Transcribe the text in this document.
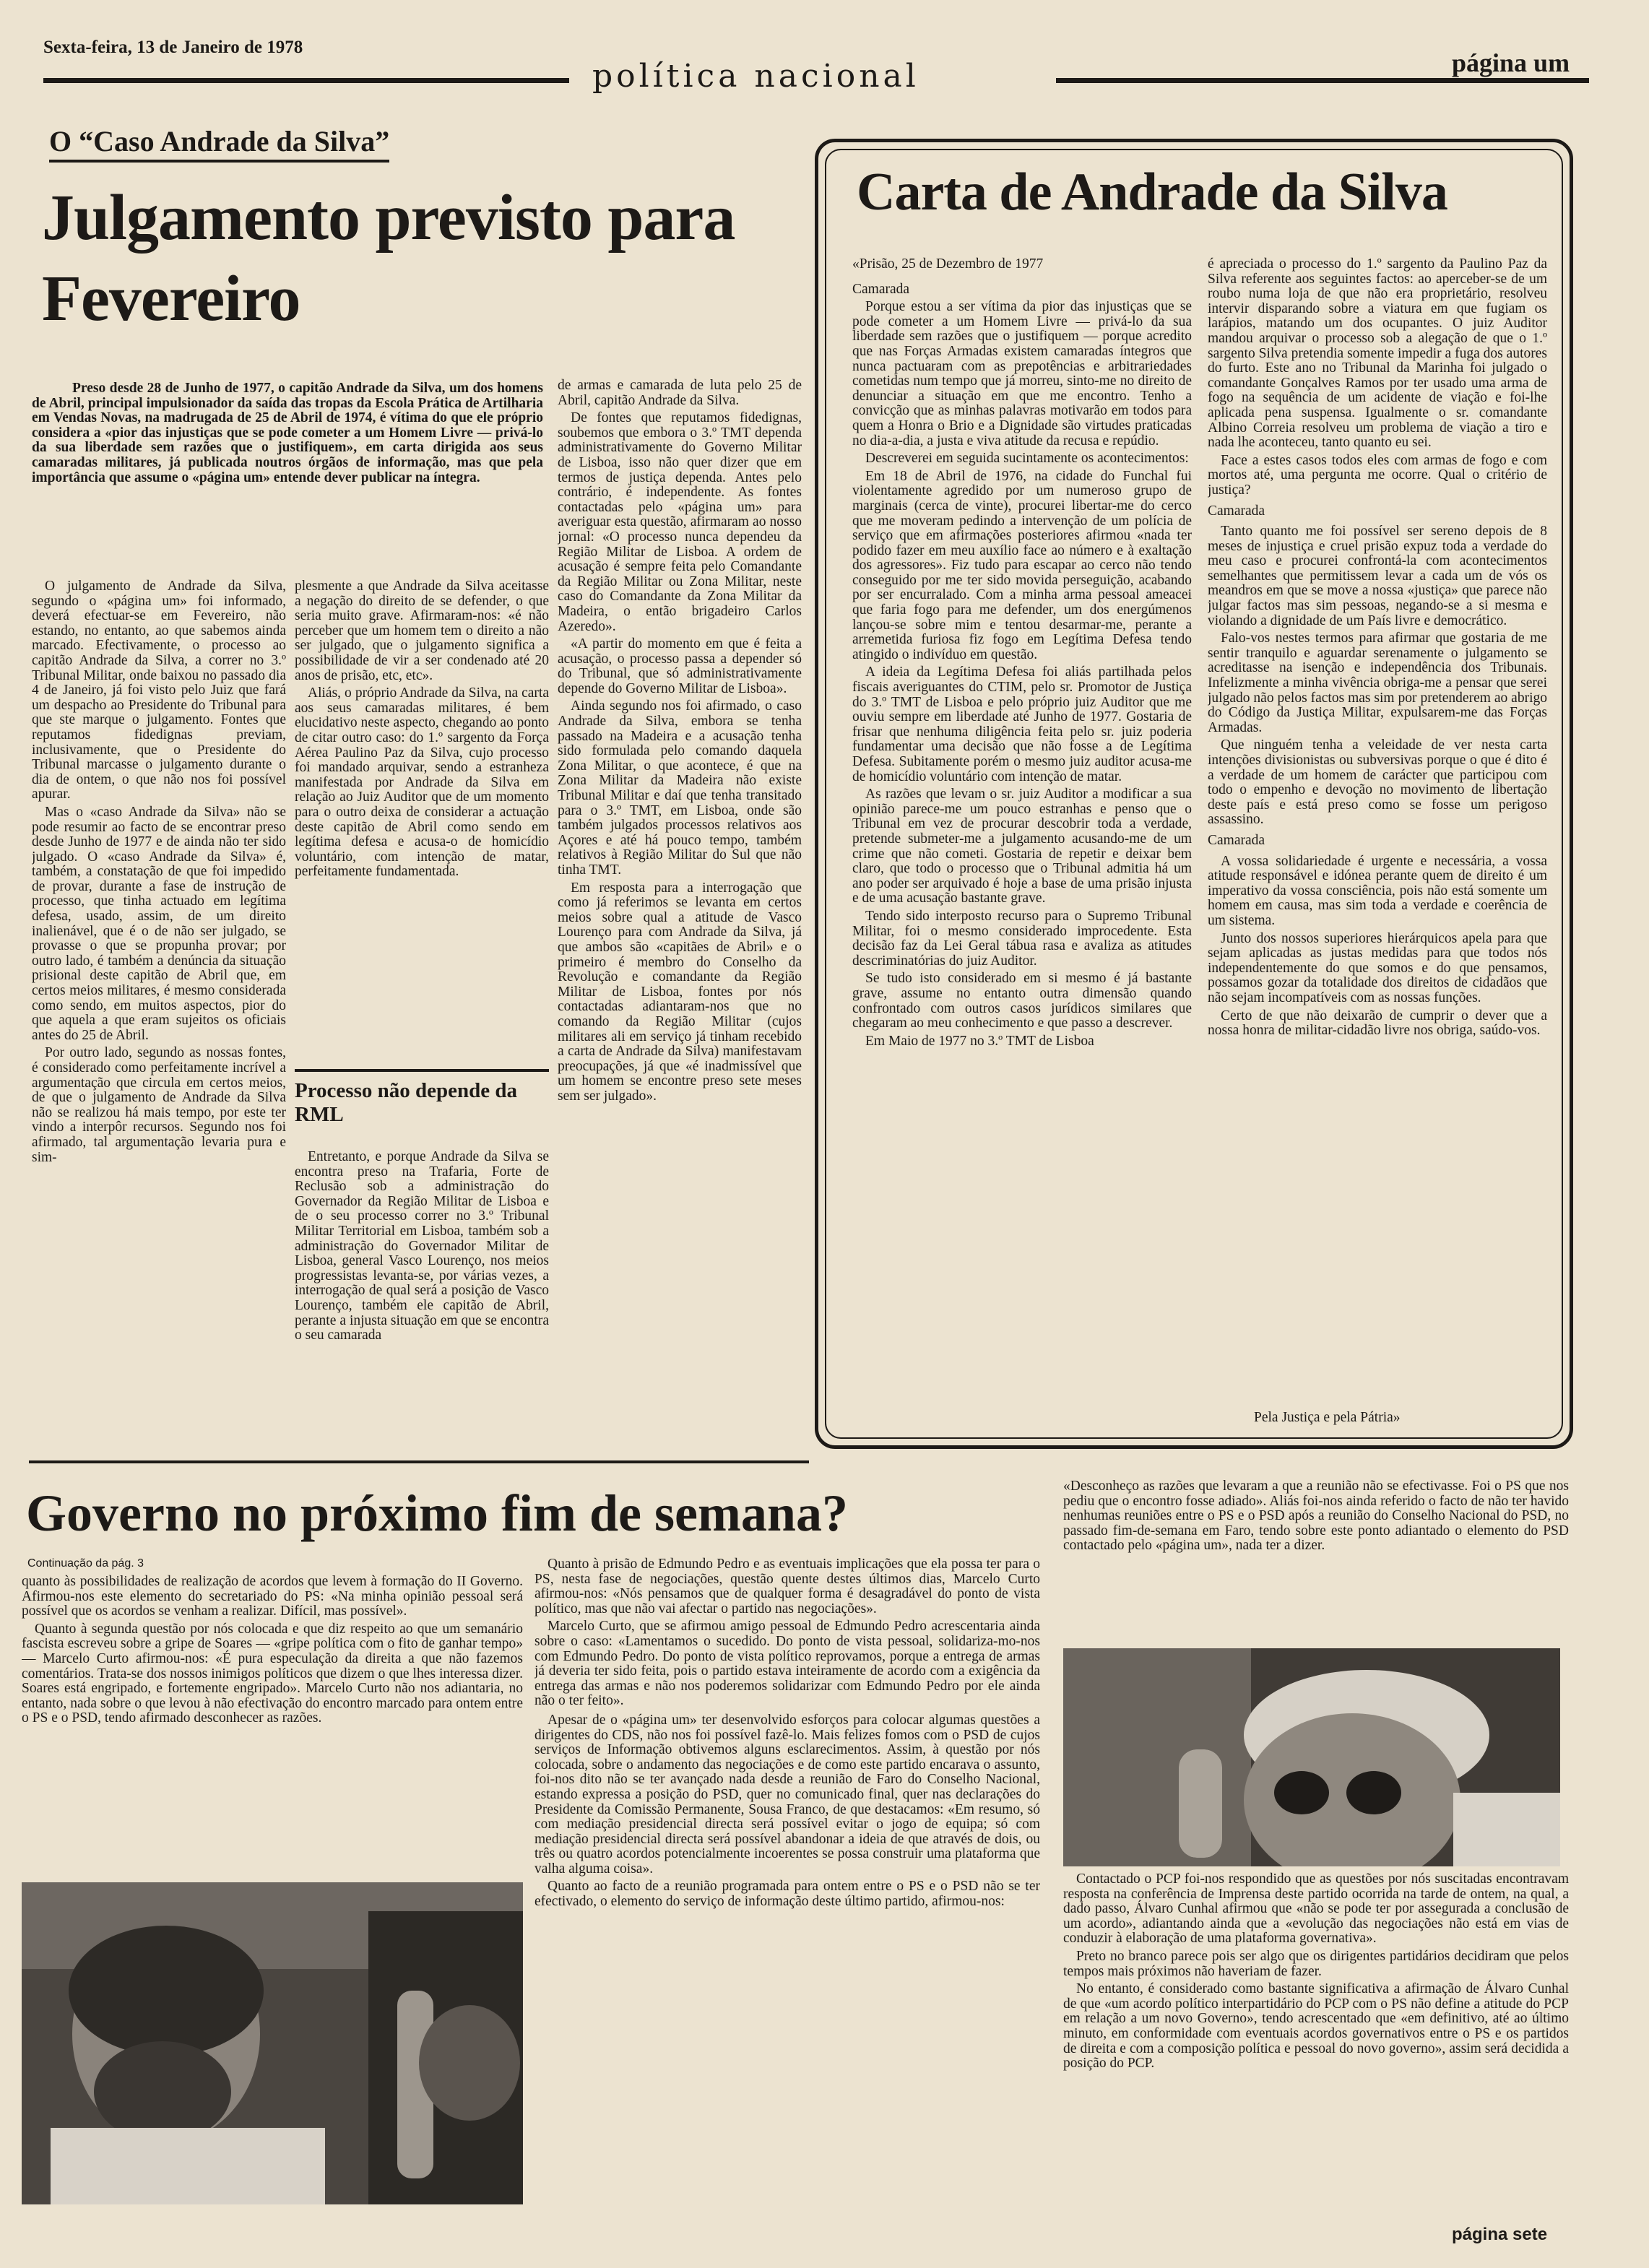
Sexta-feira, 13 de Janeiro de 1978
política nacional	página um
O “Caso Andrade da Silva”
Julgamento previsto para Fevereiro

Preso desde 28 de Junho de 1977, o capitão Andrade da Silva, um dos homens de Abril, principal impulsionador da saída das tropas da Escola Prática de Artilharia em Vendas Novas, na madrugada de 25 de Abril de 1974, é vítima do que ele próprio considera a «pior das injustiças que se pode cometer a um Homem Livre — privá-lo da sua liberdade sem razões que o justifiquem», em carta dirigida aos seus camaradas militares, já publicada noutros órgãos de informação, mas que pela importância que assume o «página um» entende dever publicar na íntegra.

O julgamento de Andrade da Silva, segundo o «página um» foi informado, deverá efectuar-se em Fevereiro, não estando, no entanto, ao que sabemos ainda marcado. Efectivamente, o processo ao capitão Andrade da Silva, a correr no 3.º Tribunal Militar, onde baixou no passado dia 4 de Janeiro, já foi visto pelo Juiz que fará um despacho ao Presidente do Tribunal para que ste marque o julgamento. Fontes que reputamos fidedignas previam, inclusivamente, que o Presidente do Tribunal marcasse o julgamento durante o dia de ontem, o que não nos foi possível apurar.

Mas o «caso Andrade da Silva» não se pode resumir ao facto de se encontrar preso desde Junho de 1977 e de ainda não ter sido julgado. O «caso Andrade da Silva» é, também, a constatação de que foi impedido de provar, durante a fase de instrução de processo, que tinha actuado em legítima defesa, usado, assim, de um direito inalienável, que é o de não ser julgado, se provasse o que se propunha provar; por outro lado, é também a denúncia da situação prisional deste capitão de Abril que, em certos meios militares, é mesmo considerada como sendo, em muitos aspectos, pior do que aquela a que eram sujeitos os oficiais antes do 25 de Abril.

Por outro lado, segundo as nossas fontes, é considerado como perfeitamente incrível a argumentação que circula em certos meios, de que o julgamento de Andrade da Silva não se realizou há mais tempo, por este ter vindo a interpôr recursos. Segundo nos foi afirmado, tal argumentação levaria pura e sim-

plesmente a que Andrade da Silva aceitasse a negação do direito de se defender, o que seria muito grave. Afirmaram-nos: «é não perceber que um homem tem o direito a não ser julgado, que o julgamento significa a possibilidade de vir a ser condenado até 20 anos de prisão, etc, etc».

Aliás, o próprio Andrade da Silva, na carta aos seus camaradas militares, é bem elucidativo neste aspecto, chegando ao ponto de citar outro caso: do 1.º sargento da Força Aérea Paulino Paz da Silva, cujo processo foi mandado arquivar, sendo a estranheza manifestada por Andrade da Silva em relação ao Juiz Auditor que de um momento para o outro deixa de considerar a actuação deste capitão de Abril como sendo em legítima defesa e acusa-o de homicídio voluntário, com intenção de matar, perfeitamente fundamentada.

Processo não depende da RML

Entretanto, e porque Andrade da Silva se encontra preso na Trafaria, Forte de Reclusão sob a administração do Governador da Região Militar de Lisboa e de o seu processo correr no 3.º Tribunal Militar Territorial em Lisboa, também sob a administração do Governador Militar de Lisboa, general Vasco Lourenço, nos meios progressistas levanta-se, por várias vezes, a interrogação de qual será a posição de Vasco Lourenço, também ele capitão de Abril, perante a injusta situação em que se encontra o seu camarada

de armas e camarada de luta pelo 25 de Abril, capitão Andrade da Silva.

De fontes que reputamos fidedignas, soubemos que embora o 3.º TMT dependa administrativamente do Governo Militar de Lisboa, isso não quer dizer que em termos de justiça dependa. Antes pelo contrário, é independente. As fontes contactadas pelo «página um» para averiguar esta questão, afirmaram ao nosso jornal: «O processo nunca dependeu da Região Militar de Lisboa. A ordem de acusação é sempre feita pelo Comandante da Região Militar ou Zona Militar, neste caso do Comandante da Zona Militar da Madeira, o então brigadeiro Carlos Azeredo».

«A partir do momento em que é feita a acusação, o processo passa a depender só do Tribunal, que só administrativamente depende do Governo Militar de Lisboa».

Ainda segundo nos foi afirmado, o caso Andrade da Silva, embora se tenha passado na Madeira e a acusação tenha sido formulada pelo comando daquela Zona Militar, o que acontece, é que na Zona Militar da Madeira não existe Tribunal Militar e daí que tenha transitado para o 3.º TMT, em Lisboa, onde são também julgados processos relativos aos Açores e até há pouco tempo, também relativos à Região Militar do Sul que não tinha TMT.

Em resposta para a interrogação que como já referimos se levanta em certos meios sobre qual a atitude de Vasco Lourenço para com Andrade da Silva, já que ambos são «capitães de Abril» e o primeiro é membro do Conselho da Revolução e comandante da Região Militar de Lisboa, fontes por nós contactadas adiantaram-nos que no comando da Região Militar (cujos militares ali em serviço já tinham recebido a carta de Andrade da Silva) manifestavam preocupações, já que «é inadmissível que um homem se encontre preso sete meses sem ser julgado».

Carta de Andrade da Silva

«Prisão, 25 de Dezembro de 1977

Camarada

Porque estou a ser vítima da pior das injustiças que se pode cometer a um Homem Livre — privá-lo da sua liberdade sem razões que o justifiquem — porque acredito que nas Forças Armadas existem camaradas íntegros que nunca pactuaram com as prepotências e arbitrariedades cometidas num tempo que já morreu, sinto-me no direito de denunciar a situação em que me encontro. Tenho a convicção que as minhas palavras motivarão em todos para quem a Honra o Brio e a Dignidade são virtudes praticadas no dia-a-dia, a justa e viva atitude da recusa e repúdio.

Descreverei em seguida sucintamente os acontecimentos:

Em 18 de Abril de 1976, na cidade do Funchal fui violentamente agredido por um numeroso grupo de marginais (cerca de vinte), procurei libertar-me do cerco que me moveram pedindo a intervenção de um polícia de serviço que em afirmações posteriores afirmou «nada ter podido fazer em meu auxílio face ao número e à exaltação dos agressores». Fiz tudo para escapar ao cerco não tendo conseguido por me ter sido movida perseguição, acabando por ser encurralado. Com a minha arma pessoal ameacei que faria fogo para me defender, um dos energúmenos lançou-se sobre mim e tentou desarmar-me, perante a arremetida furiosa fiz fogo em Legítima Defesa tendo atingido o indivíduo em questão.

A ideia da Legítima Defesa foi aliás partilhada pelos fiscais averiguantes do CTIM, pelo sr. Promotor de Justiça do 3.º TMT de Lisboa e pelo próprio juiz Auditor que me ouviu sempre em liberdade até Junho de 1977. Gostaria de frisar que nenhuma diligência feita pelo sr. juiz poderia fundamentar uma decisão que não fosse a de Legítima Defesa. Subitamente porém o mesmo juiz auditor acusa-me de homicídio voluntário com intenção de matar.

As razões que levam o sr. juiz Auditor a modificar a sua opinião parece-me um pouco estranhas e penso que o Tribunal em vez de procurar descobrir toda a verdade, pretende submeter-me a julgamento acusando-me de um crime que não cometi. Gostaria de repetir e deixar bem claro, que todo o processo que o Tribunal admitia há um ano poder ser arquivado é hoje a base de uma prisão injusta e de uma acusação bastante grave.

Tendo sido interposto recurso para o Supremo Tribunal Militar, foi o mesmo considerado improcedente. Esta decisão faz da Lei Geral tábua rasa e avaliza as atitudes descriminatórias do juiz Auditor.

Se tudo isto considerado em si mesmo é já bastante grave, assume no entanto outra dimensão quando confrontado com outros casos jurídicos similares que chegaram ao meu conhecimento e que passo a descrever.

Em Maio de 1977 no 3.º TMT de Lisboa

é apreciada o processo do 1.º sargento da Paulino Paz da Silva referente aos seguintes factos: ao aperceber-se de um roubo numa loja de que não era proprietário, resolveu intervir disparando sobre a viatura em que fugiam os larápios, matando um dos ocupantes. O juiz Auditor mandou arquivar o processo sob a alegação de que o 1.º sargento Silva pretendia somente impedir a fuga dos autores do furto. Este ano no Tribunal da Marinha foi julgado o comandante Gonçalves Ramos por ter usado uma arma de fogo na sequência de um acidente de viação e foi-lhe aplicada pena suspensa. Igualmente o sr. comandante Albino Correia resolveu um problema de viação a tiro e nada lhe aconteceu, tanto quanto eu sei.

Face a estes casos todos eles com armas de fogo e com mortos até, uma pergunta me ocorre. Qual o critério de justiça?

Camarada

Tanto quanto me foi possível ser sereno depois de 8 meses de injustiça e cruel prisão expuz toda a verdade do meu caso e procurei confrontá-la com acontecimentos semelhantes que permitissem levar a cada um de vós os meandros em que se move a nossa «justiça» que parece não julgar factos mas sim pessoas, negando-se a si mesma e violando a dignidade de um País livre e democrático.

Falo-vos nestes termos para afirmar que gostaria de me sentir tranquilo e aguardar serenamente o julgamento se acreditasse na isenção e independência dos Tribunais. Infelizmente a minha vivência obriga-me a pensar que serei julgado não pelos factos mas sim por pretenderem ao abrigo do Código da Justiça Militar, expulsarem-me das Forças Armadas.

Que ninguém tenha a veleidade de ver nesta carta intenções divisionistas ou subversivas porque o que é dito é a verdade de um homem de carácter que participou com todo o empenho e devoção no movimento de libertação deste país e está preso como se fosse um perigoso assassino.

Camarada

A vossa solidariedade é urgente e necessária, a vossa atitude responsável e idónea perante quem de direito é um imperativo da vossa consciência, pois não está somente um homem em causa, mas sim toda a verdade e coerência de um sistema.

Junto dos nossos superiores hierárquicos apela para que sejam aplicadas as justas medidas para que todos nós independentemente do que somos e do que pensamos, possamos gozar da totalidade dos direitos de cidadãos que não sejam incompatíveis com as nossas funções.

Certo de que não deixarão de cumprir o dever que a nossa honra de militar-cidadão livre nos obriga, saúdo-vos.

Pela Justiça e pela Pátria»
Governo no próximo fim de semana?
Continuação da pág. 3

quanto às possibilidades de realização de acordos que levem à formação do II Governo. Afirmou-nos este elemento do secretariado do PS: «Na minha opinião pessoal será possível que os acordos se venham a realizar. Difícil, mas possível».

Quanto à segunda questão por nós colocada e que diz respeito ao que um semanário fascista escreveu sobre a gripe de Soares — «gripe política com o fito de ganhar tempo» — Marcelo Curto afirmou-nos: «É pura especulação da direita a que não fazemos comentários. Trata-se dos nossos inimigos políticos que dizem o que lhes interessa dizer. Soares está engripado, e fortemente engripado». Marcelo Curto não nos adiantaria, no entanto, nada sobre o que levou à não efectivação do encontro marcado para ontem entre o PS e o PSD, tendo afirmado desconhecer as razões.

Quanto à prisão de Edmundo Pedro e as eventuais implicações que ela possa ter para o PS, nesta fase de negociações, questão quente destes últimos dias, Marcelo Curto afirmou-nos: «Nós pensamos que de qualquer forma é desagradável do ponto de vista político, mas que não vai afectar o partido nas negociações».

Marcelo Curto, que se afirmou amigo pessoal de Edmundo Pedro acrescentaria ainda sobre o caso: «Lamentamos o sucedido. Do ponto de vista pessoal, solidariza-mo-nos com Edmundo Pedro. Do ponto de vista político reprovamos, porque a entrega de armas já deveria ter sido feita, pois o partido estava inteiramente de acordo com a exigência da entrega das armas e não nos poderemos solidarizar com Edmundo Pedro por ele ainda não o ter feito».

Apesar de o «página um» ter desenvolvido esforços para colocar algumas questões a dirigentes do CDS, não nos foi possível fazê-lo. Mais felizes fomos com o PSD de cujos serviços de Informação obtivemos alguns esclarecimentos. Assim, à questão por nós colocada, sobre o andamento das negociações e de como este partido encarava o assunto, foi-nos dito não se ter avançado nada desde a reunião de Faro do Conselho Nacional, estando expressa a posição do PSD, quer no comunicado final, quer nas declarações do Presidente da Comissão Permanente, Sousa Franco, de que destacamos: «Em resumo, só com mediação presidencial directa será possível evitar o jogo de equipa; só com mediação presidencial directa será possível abandonar a ideia de que através de dois, ou três ou quatro acordos potencialmente incoerentes se possa construir uma plataforma que valha alguma coisa».

Quanto ao facto de a reunião programada para ontem entre o PS e o PSD não se ter efectivado, o elemento do serviço de informação deste último partido, afirmou-nos:

«Desconheço as razões que levaram a que a reunião não se efectivasse. Foi o PS que nos pediu que o encontro fosse adiado». Aliás foi-nos ainda referido o facto de não ter havido nenhumas reuniões entre o PS e o PSD após a reunião do Conselho Nacional do PSD, no passado fim-de-semana em Faro, tendo sobre este ponto adiantado o elemento do PSD contactado pelo «página um», nada ter a dizer.

Contactado o PCP foi-nos respondido que as questões por nós suscitadas encontravam resposta na conferência de Imprensa deste partido ocorrida na tarde de ontem, na qual, a dado passo, Álvaro Cunhal afirmou que «não se pode ter por assegurada a conclusão de um acordo», adiantando ainda que a «evolução das negociações não está em vias de conduzir à elaboração de uma plataforma governativa».

Preto no branco parece pois ser algo que os dirigentes partidários decidiram que pelos tempos mais próximos não haveriam de fazer.

No entanto, é considerado como bastante significativa a afirmação de Álvaro Cunhal de que «um acordo político interpartidário do PCP com o PS não define a atitude do PCP em relação a um novo Governo», tendo acrescentado que «em definitivo, até ao último minuto, em conformidade com eventuais acordos governativos entre o PS e os partidos de direita e com a composição política e pessoal do novo governo», assim será decidida a posição do PCP.

página sete
